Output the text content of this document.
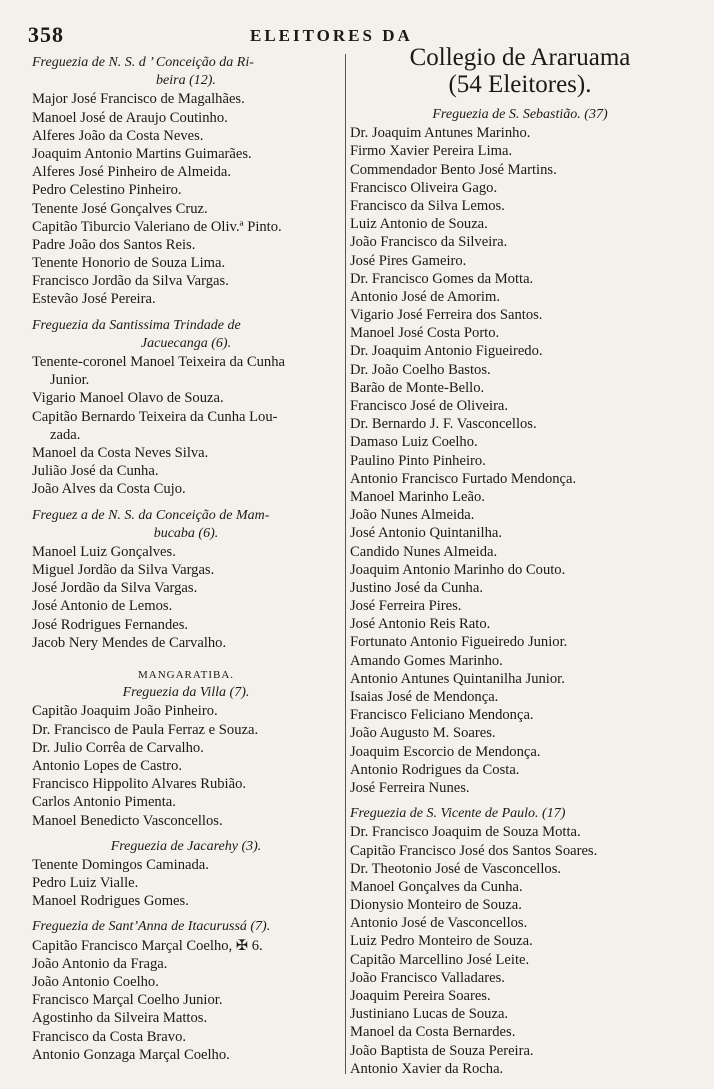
358	ELEITORES DA
Freguezia de N. S. d ’ Conceição da Ri-
beira (12).
Major José Francisco de Magalhães.
Manoel José de Araujo Coutinho.
Alferes João da Costa Neves.
Joaquim Antonio Martins Guimarães.
Alferes José Pinheiro de Almeida.
Pedro Celestino Pinheiro.
Tenente José Gonçalves Cruz.
Capitão Tiburcio Valeriano de Oliv.ª Pinto.
Padre João dos Santos Reis.
Tenente Honorio de Souza Lima.
Francisco Jordão da Silva Vargas.
Estevão José Pereira.
Freguezia da Santissima Trindade de
Jacuecanga (6).
Tenente-coronel Manoel Teixeira da Cunha
Junior.
Vigario Manoel Olavo de Souza.
Capitão Bernardo Teixeira da Cunha Lou-
zada.
Manoel da Costa Neves Silva.
Julião José da Cunha.
João Alves da Costa Cujo.
Freguez a de N. S. da Conceição de Mam-
bucaba (6).
Manoel Luiz Gonçalves.
Miguel Jordão da Silva Vargas.
José Jordão da Silva Vargas.
José Antonio de Lemos.
José Rodrigues Fernandes.
Jacob Nery Mendes de Carvalho.
MANGARATIBA.
Freguezia da Villa (7).
Capitão Joaquim João Pinheiro.
Dr. Francisco de Paula Ferraz e Souza.
Dr. Julio Corrêa de Carvalho.
Antonio Lopes de Castro.
Francisco Hippolito Alvares Rubião.
Carlos Antonio Pimenta.
Manoel Benedicto Vasconcellos.
Freguezia de Jacarehy (3).
Tenente Domingos Caminada.
Pedro Luiz Vialle.
Manoel Rodrigues Gomes.
Freguezia de Sant’Anna de Itacurussá (7).
Capitão Francisco Marçal Coelho, ✠ 6.
João Antonio da Fraga.
João Antonio Coelho.
Francisco Marçal Coelho Junior.
Agostinho da Silveira Mattos.
Francisco da Costa Bravo.
Antonio Gonzaga Marçal Coelho.
Collegio de Araruama
(54 Eleitores).
Freguezia de S. Sebastião. (37)
Dr. Joaquim Antunes Marinho.
Firmo Xavier Pereira Lima.
Commendador Bento José Martins.
Francisco Oliveira Gago.
Francisco da Silva Lemos.
Luiz Antonio de Souza.
João Francisco da Silveira.
José Pires Gameiro.
Dr. Francisco Gomes da Motta.
Antonio José de Amorim.
Vigario José Ferreira dos Santos.
Manoel José Costa Porto.
Dr. Joaquim Antonio Figueiredo.
Dr. João Coelho Bastos.
Barão de Monte-Bello.
Francisco José de Oliveira.
Dr. Bernardo J. F. Vasconcellos.
Damaso Luiz Coelho.
Paulino Pinto Pinheiro.
Antonio Francisco Furtado Mendonça.
Manoel Marinho Leão.
João Nunes Almeida.
José Antonio Quintanilha.
Candido Nunes Almeida.
Joaquim Antonio Marinho do Couto.
Justino José da Cunha.
José Ferreira Pires.
José Antonio Reis Rato.
Fortunato Antonio Figueiredo Junior.
Amando Gomes Marinho.
Antonio Antunes Quintanilha Junior.
Isaias José de Mendonça.
Francisco Feliciano Mendonça.
João Augusto M. Soares.
Joaquim Escorcio de Mendonça.
Antonio Rodrigues da Costa.
José Ferreira Nunes.
Freguezia de S. Vicente de Paulo. (17)
Dr. Francisco Joaquim de Souza Motta.
Capitão Francisco José dos Santos Soares.
Dr. Theotonio José de Vasconcellos.
Manoel Gonçalves da Cunha.
Dionysio Monteiro de Souza.
Antonio José de Vasconcellos.
Luiz Pedro Monteiro de Souza.
Capitão Marcellino José Leite.
João Francisco Valladares.
Joaquim Pereira Soares.
Justiniano Lucas de Souza.
Manoel da Costa Bernardes.
João Baptista de Souza Pereira.
Antonio Xavier da Rocha.
